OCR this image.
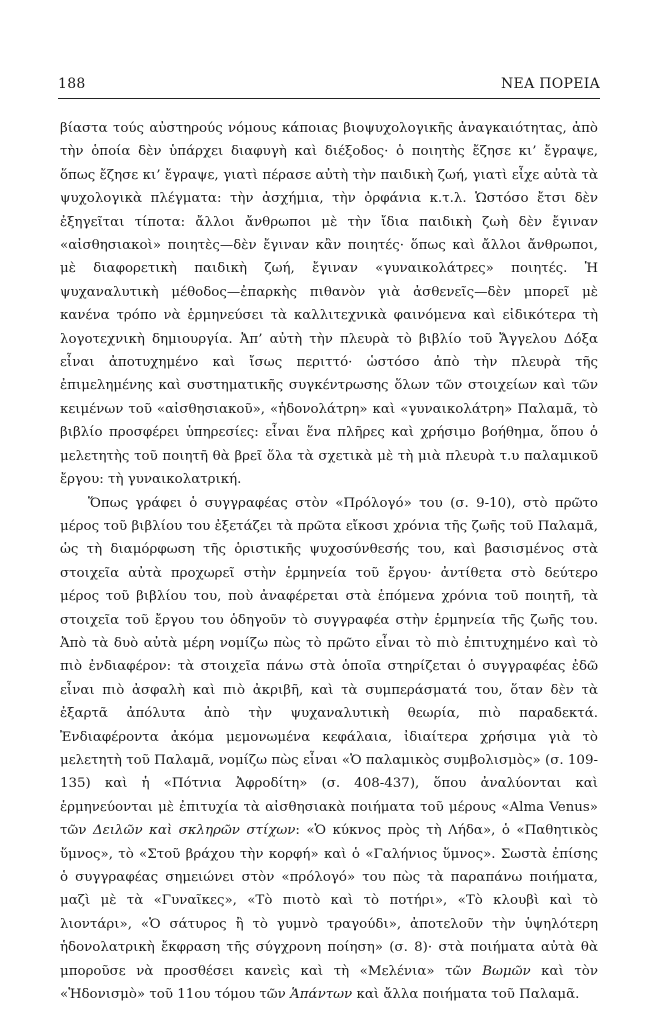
188	ΝΕΑ ΠΟΡΕΙΑ

βίαστα τούς αὐστηρούς νόμους κάποιας βιοψυχολογικῆς ἀναγκαιότητας, ἀπὸ τὴν ὁποία δὲν ὑπάρχει διαφυγὴ καὶ διέξοδος· ὁ ποιητὴς ἔζησε κι’ ἔγραψε, ὅπως ἔζησε κι’ ἔγραψε, γιατὶ πέρασε αὐτὴ τὴν παιδικὴ ζωή, γιατὶ εἶχε αὐτὰ τὰ ψυχολογικὰ πλέγματα: τὴν ἀσχήμια, τὴν ὀρφάνια κ.τ.λ. Ὡστόσο ἔτσι δὲν ἐξηγεῖται τίποτα: ἄλλοι ἄνθρωποι μὲ τὴν ἴδια παιδικὴ ζωὴ δὲν ἔγιναν «αἰσθησιακοὶ» ποιητὲς—δὲν ἔγιναν κἂν ποιητές· ὅπως καὶ ἄλλοι ἄνθρωποι, μὲ διαφορετικὴ παιδικὴ ζωή, ἔγιναν «γυναικολάτρες» ποιητές. Ἡ ψυχαναλυτικὴ μέθοδος—ἐπαρκὴς πιθανὸν γιὰ ἀσθενεῖς—δὲν μπορεῖ μὲ κανένα τρόπο νὰ ἑρμηνεύσει τὰ καλλιτεχνικὰ φαινόμενα καὶ εἰδικότερα τὴ λογοτεχνικὴ δημιουργία. Ἀπ’ αὐτὴ τὴν πλευρὰ τὸ βιβλίο τοῦ Ἄγγελου Δόξα εἶναι ἀποτυχημένο καὶ ἴσως περιττό· ὡστόσο ἀπὸ τὴν πλευρὰ τῆς ἐπιμελημένης καὶ συστηματικῆς συγκέντρωσης ὅλων τῶν στοιχείων καὶ τῶν κειμένων τοῦ «αἰσθησιακοῦ», «ἡδονολάτρη» καὶ «γυναικολάτρη» Παλαμᾶ, τὸ βιβλίο προσφέρει ὑπηρεσίες: εἶναι ἕνα πλῆρες καὶ χρήσιμο βοήθημα, ὅπου ὁ μελετητὴς τοῦ ποιητῆ θὰ βρεῖ ὅλα τὰ σχετικὰ μὲ τὴ μιὰ πλευρὰ τ.υ παλαμικοῦ ἔργου: τὴ γυναικολατρική.

Ὅπως γράφει ὁ συγγραφέας στὸν «Πρόλογό» του (σ. 9-10), στὸ πρῶτο μέρος τοῦ βιβλίου του ἐξετάζει τὰ πρῶτα εἴκοσι χρόνια τῆς ζωῆς τοῦ Παλαμᾶ, ὡς τὴ διαμόρφωση τῆς ὁριστικῆς ψυχοσύνθεσής του, καὶ βασισμένος στὰ στοιχεῖα αὐτὰ προχωρεῖ στὴν ἑρμηνεία τοῦ ἔργου· ἀντίθετα στὸ δεύτερο μέρος τοῦ βιβλίου του, ποὺ ἀναφέρεται στὰ ἑπόμενα χρόνια τοῦ ποιητῆ, τὰ στοιχεῖα τοῦ ἔργου του ὁδηγοῦν τὸ συγγραφέα στὴν ἑρμηνεία τῆς ζωῆς του. Ἀπὸ τὰ δυὸ αὐτὰ μέρη νομίζω πὼς τὸ πρῶτο εἶναι τὸ πιὸ ἐπιτυχημένο καὶ τὸ πιὸ ἐνδιαφέρον: τὰ στοιχεῖα πάνω στὰ ὁποῖα στηρίζεται ὁ συγγραφέας ἐδῶ εἶναι πιὸ ἀσφαλὴ καὶ πιὸ ἀκριβῆ, καὶ τὰ συμπεράσματά του, ὅταν δὲν τὰ ἐξαρτᾶ ἀπόλυτα ἀπὸ τὴν ψυχαναλυτικὴ θεωρία, πιὸ παραδεκτά. Ἐνδιαφέροντα ἀκόμα μεμονωμένα κεφάλαια, ἰδιαίτερα χρήσιμα γιὰ τὸ μελετητὴ τοῦ Παλαμᾶ, νομίζω πὼς εἶναι «Ὁ παλαμικὸς συμβολισμὸς» (σ. 109-135) καὶ ἡ «Πότνια Ἀφροδίτη» (σ. 408-437), ὅπου ἀναλύονται καὶ ἑρμηνεύονται μὲ ἐπιτυχία τὰ αἰσθησιακὰ ποιήματα τοῦ μέρους «Alma Venus» τῶν Δειλῶν καὶ σκληρῶν στίχων: «Ὁ κύκνος πρὸς τὴ Λήδα», ὁ «Παθητικὸς ὕμνος», τὸ «Στοῦ βράχου τὴν κορφή» καὶ ὁ «Γαλήνιος ὕμνος». Σωστὰ ἐπίσης ὁ συγγραφέας σημειώνει στὸν «πρόλογό» του πὼς τὰ παραπάνω ποιήματα, μαζὶ μὲ τὰ «Γυναῖκες», «Τὸ πιοτὸ καὶ τὸ ποτήρι», «Τὸ κλουβὶ καὶ τὸ λιοντάρι», «Ὁ σάτυρος ἢ τὸ γυμνὸ τραγούδι», ἀποτελοῦν τὴν ὑψηλότερη ἡδονολατρικὴ ἔκφραση τῆς σύγχρονη ποίηση» (σ. 8)· στὰ ποιήματα αὐτὰ θὰ μποροῦσε νὰ προσθέσει κανεὶς καὶ τὴ «Μελένια» τῶν Βωμῶν καὶ τὸν «Ἡδονισμὸ» τοῦ 11ου τόμου τῶν Ἁπάντων καὶ ἄλλα ποιήματα τοῦ Παλαμᾶ.
